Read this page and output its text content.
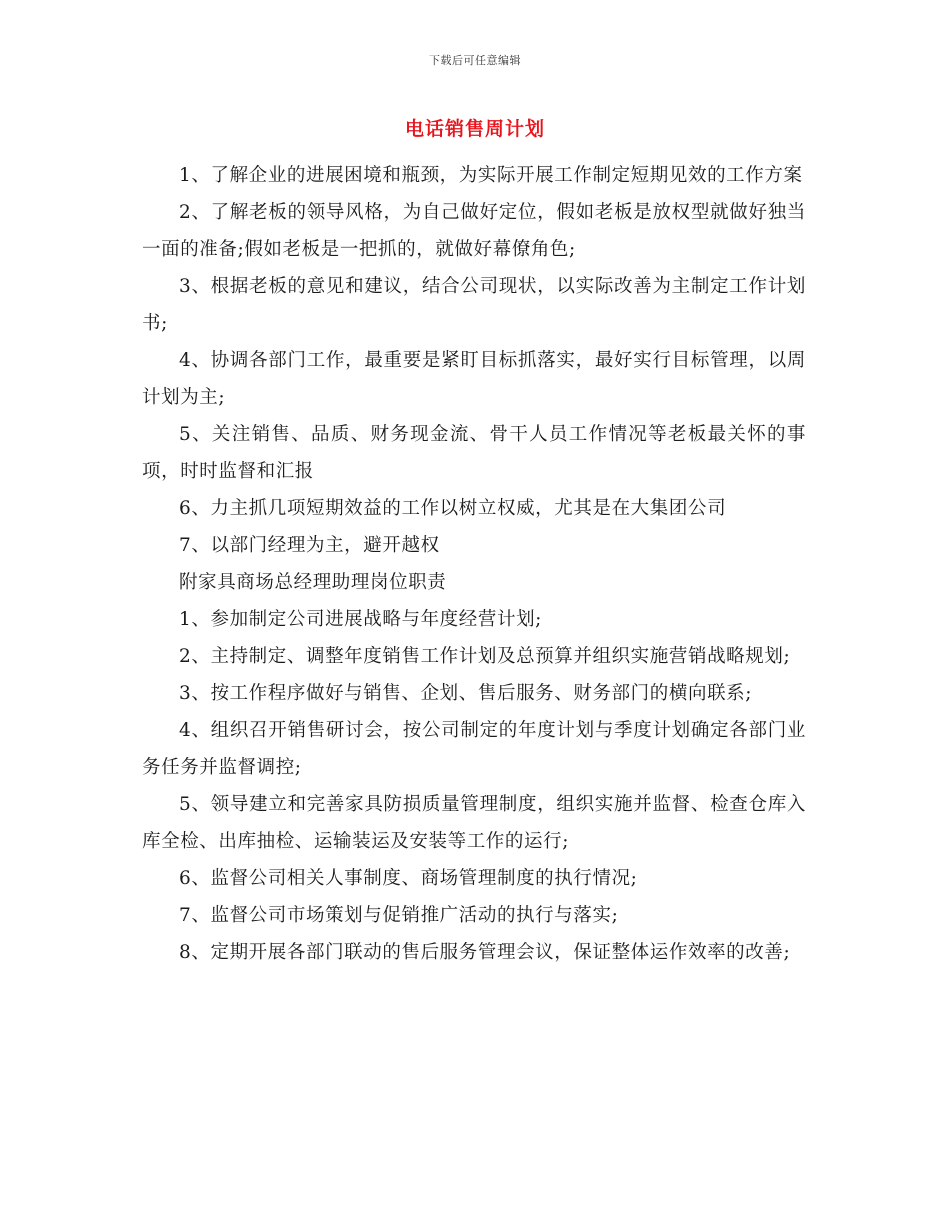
下载后可任意编辑
电话销售周计划

1、了解企业的进展困境和瓶颈，为实际开展工作制定短期见效的工作方案

2、了解老板的领导风格，为自己做好定位，假如老板是放权型就做好独当一面的准备;假如老板是一把抓的，就做好幕僚角色;

3、根据老板的意见和建议，结合公司现状，以实际改善为主制定工作计划书;

4、协调各部门工作，最重要是紧盯目标抓落实，最好实行目标管理，以周计划为主;

5、关注销售、品质、财务现金流、骨干人员工作情况等老板最关怀的事项，时时监督和汇报

6、力主抓几项短期效益的工作以树立权威，尤其是在大集团公司

7、以部门经理为主，避开越权

附家具商场总经理助理岗位职责

1、参加制定公司进展战略与年度经营计划;

2、主持制定、调整年度销售工作计划及总预算并组织实施营销战略规划;

3、按工作程序做好与销售、企划、售后服务、财务部门的横向联系;

4、组织召开销售研讨会，按公司制定的年度计划与季度计划确定各部门业务任务并监督调控;

5、领导建立和完善家具防损质量管理制度，组织实施并监督、检查仓库入库全检、出库抽检、运输装运及安装等工作的运行;

6、监督公司相关人事制度、商场管理制度的执行情况;

7、监督公司市场策划与促销推广活动的执行与落实;

8、定期开展各部门联动的售后服务管理会议，保证整体运作效率的改善;
